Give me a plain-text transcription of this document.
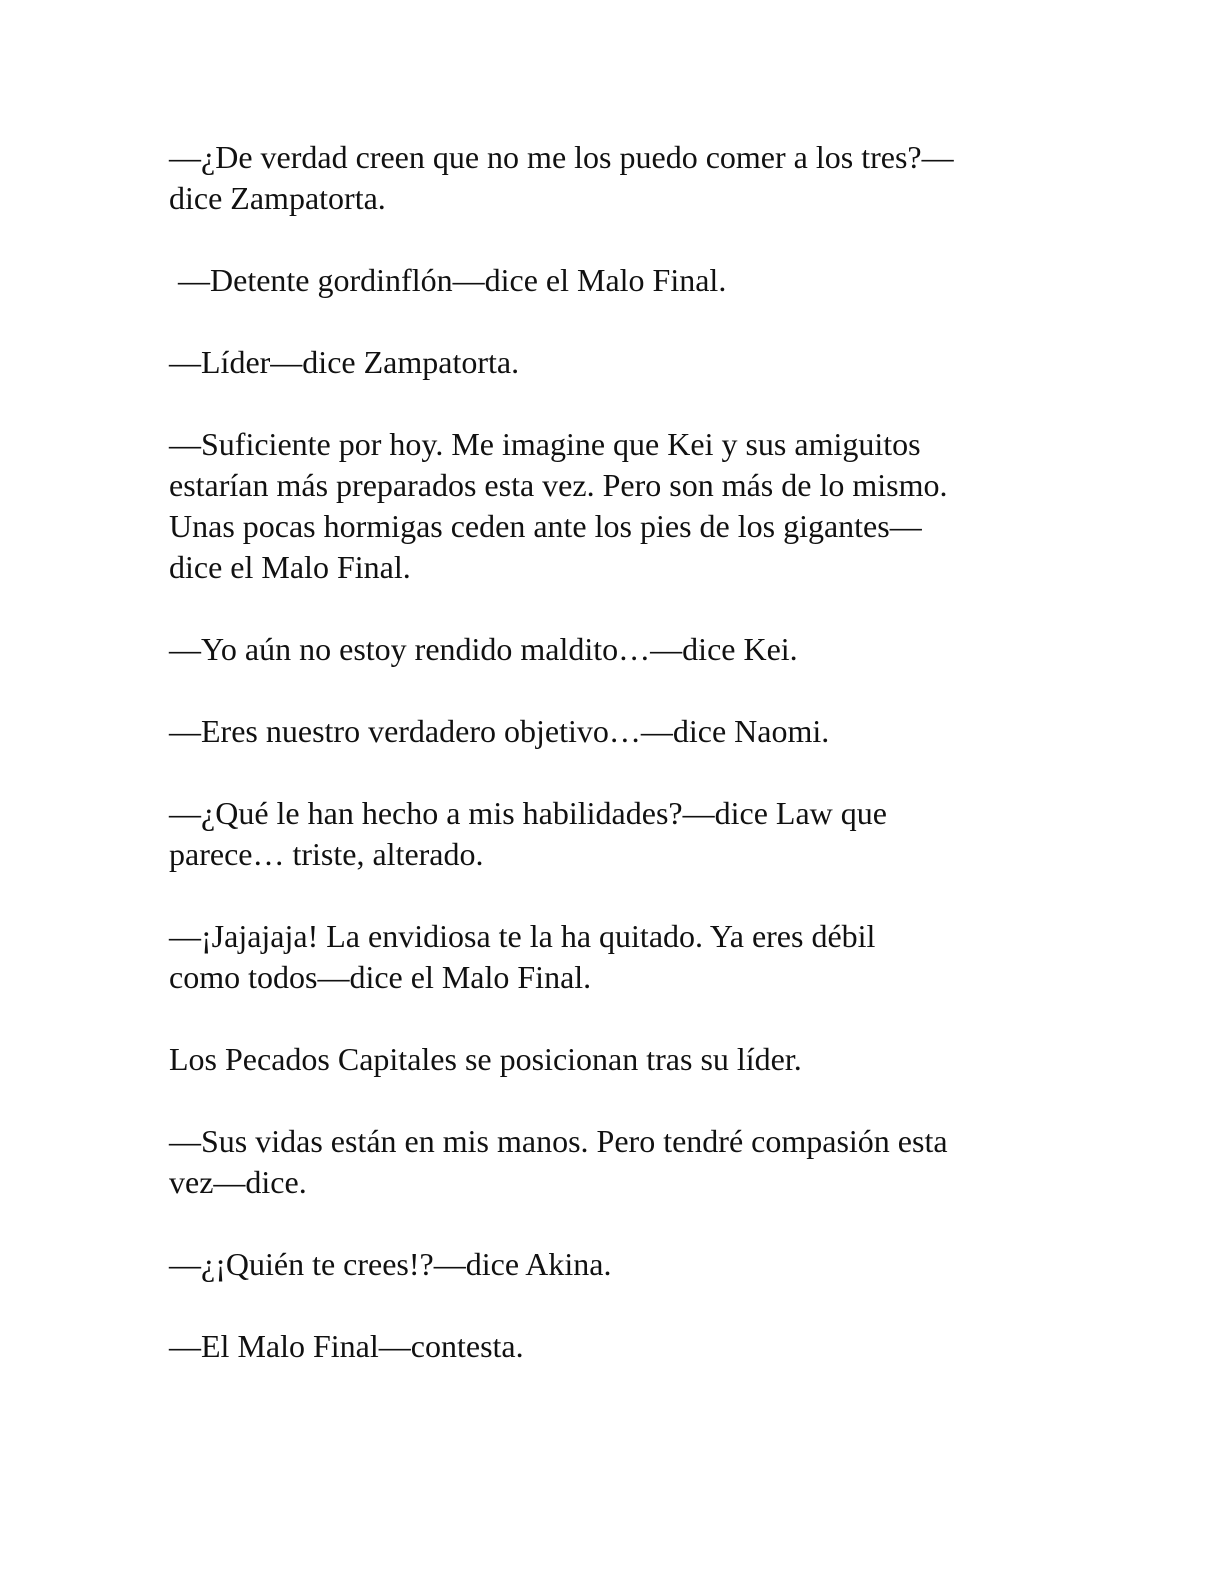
—¿De verdad creen que no me los puedo comer a los tres?—
dice Zampatorta.

—Detente gordinflón—dice el Malo Final.

—Líder—dice Zampatorta.

—Suficiente por hoy. Me imagine que Kei y sus amiguitos
estarían más preparados esta vez. Pero son más de lo mismo.
Unas pocas hormigas ceden ante los pies de los gigantes—
dice el Malo Final.

—Yo aún no estoy rendido maldito…—dice Kei.

—Eres nuestro verdadero objetivo…—dice Naomi.

—¿Qué le han hecho a mis habilidades?—dice Law que
parece… triste, alterado.

—¡Jajajaja! La envidiosa te la ha quitado. Ya eres débil
como todos—dice el Malo Final.

Los Pecados Capitales se posicionan tras su líder.

—Sus vidas están en mis manos. Pero tendré compasión esta
vez—dice.

—¿¡Quién te crees!?—dice Akina.

—El Malo Final—contesta.
